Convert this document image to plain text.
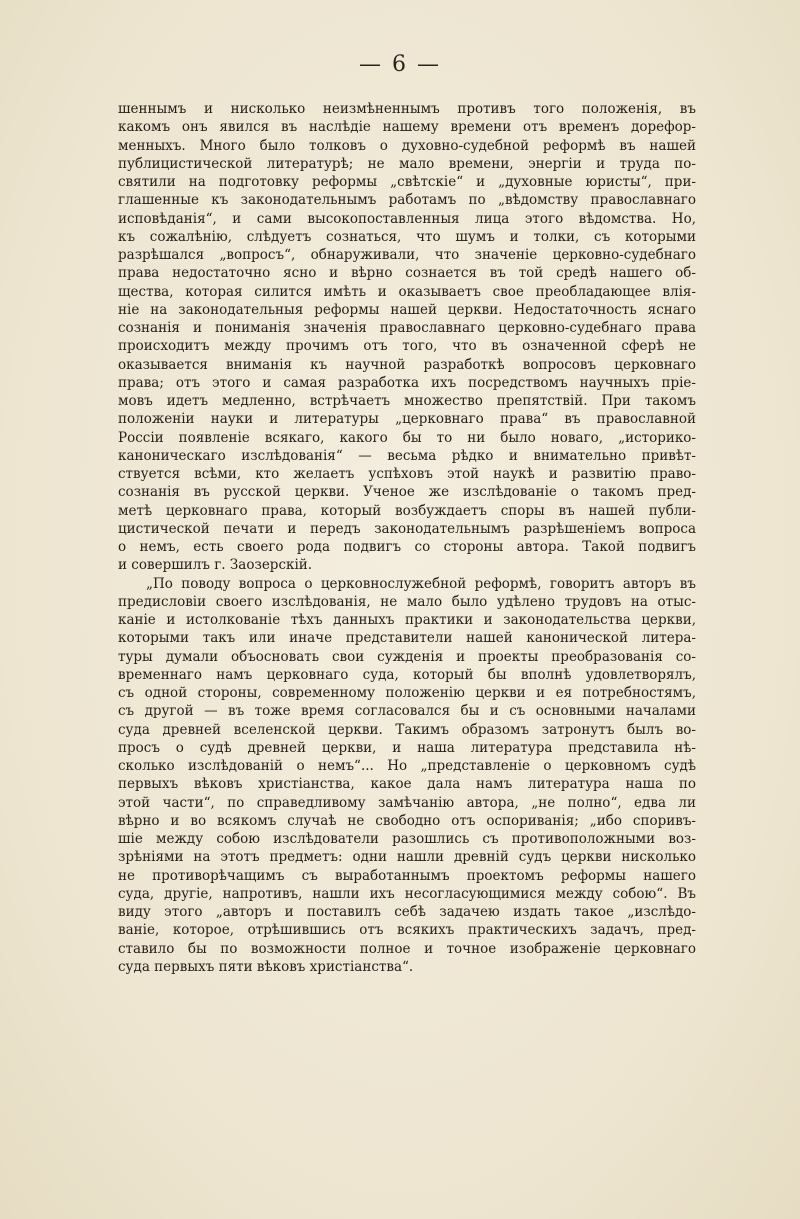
— 6 —
шеннымъ и нисколько неизмѣненнымъ противъ того положенія, въ
какомъ онъ явился въ наслѣдіе нашему времени отъ временъ дорефор-
менныхъ. Много было толковъ о духовно-судебной реформѣ въ нашей
публицистической литературѣ; не мало времени, энергіи и труда по-
святили на подготовку реформы „свѣтскіе“ и „духовные юристы“, при-
глашенные къ законодательнымъ работамъ по „вѣдомству православнаго
исповѣданія“, и сами высокопоставленныя лица этого вѣдомства. Но,
къ сожалѣнію, слѣдуетъ сознаться, что шумъ и толки, съ которыми
разрѣшался „вопросъ“, обнаруживали, что значеніе церковно-судебнаго
права недостаточно ясно и вѣрно сознается въ той средѣ нашего об-
щества, которая силится имѣть и оказываетъ свое преобладающее влія-
ніе на законодательныя реформы нашей церкви. Недостаточность яснаго
сознанія и пониманія значенія православнаго церковно-судебнаго права
происходитъ между прочимъ отъ того, что въ означенной сферѣ не
оказывается вниманія къ научной разработкѣ вопросовъ церковнаго
права; отъ этого и самая разработка ихъ посредствомъ научныхъ пріе-
мовъ идетъ медленно, встрѣчаетъ множество препятствій. При такомъ
положеніи науки и литературы „церковнаго права“ въ православной
Россіи появленіе всякаго, какого бы то ни было новаго, „историко-
каноническаго изслѣдованія“ — весьма рѣдко и внимательно привѣт-
ствуется всѣми, кто желаетъ успѣховъ этой наукѣ и развитію право-
сознанія въ русской церкви. Ученое же изслѣдованіе о такомъ пред-
метѣ церковнаго права, который возбуждаетъ споры въ нашей публи-
цистической печати и передъ законодательнымъ разрѣшеніемъ вопроса
о немъ, есть своего рода подвигъ со стороны автора. Такой подвигъ
и совершилъ г. Заозерскій.
„По поводу вопроса о церковнослужебной реформѣ, говоритъ авторъ въ
предисловіи своего изслѣдованія, не мало было удѣлено трудовъ на отыс-
каніе и истолкованіе тѣхъ данныхъ практики и законодательства церкви,
которыми такъ или иначе представители нашей канонической литера-
туры думали объосновать свои сужденія и проекты преобразованія со-
временнаго намъ церковнаго суда, который бы вполнѣ удовлетворялъ,
съ одной стороны, современному положенію церкви и ея потребностямъ,
съ другой — въ тоже время согласовался бы и съ основными началами
суда древней вселенской церкви. Такимъ образомъ затронутъ былъ во-
просъ о судѣ древней церкви, и наша литература представила нѣ-
сколько изслѣдованій о немъ“... Но „представленіе о церковномъ судѣ
первыхъ вѣковъ христіанства, какое дала намъ литература наша по
этой части“, по справедливому замѣчанію автора, „не полно“, едва ли
вѣрно и во всякомъ случаѣ не свободно отъ оспориванія; „ибо споривъ-
шіе между собою изслѣдователи разошлись съ противоположными воз-
зрѣніями на этотъ предметъ: одни нашли древній судъ церкви нисколько
не противорѣчащимъ съ выработаннымъ проектомъ реформы нашего
суда, другіе, напротивъ, нашли ихъ несогласующимися между собою“. Въ
виду этого „авторъ и поставилъ себѣ задачею издать такое „изслѣдо-
ваніе, которое, отрѣшившись отъ всякихъ практическихъ задачъ, пред-
ставило бы по возможности полное и точное изображеніе церковнаго
суда первыхъ пяти вѣковъ христіанства“.
